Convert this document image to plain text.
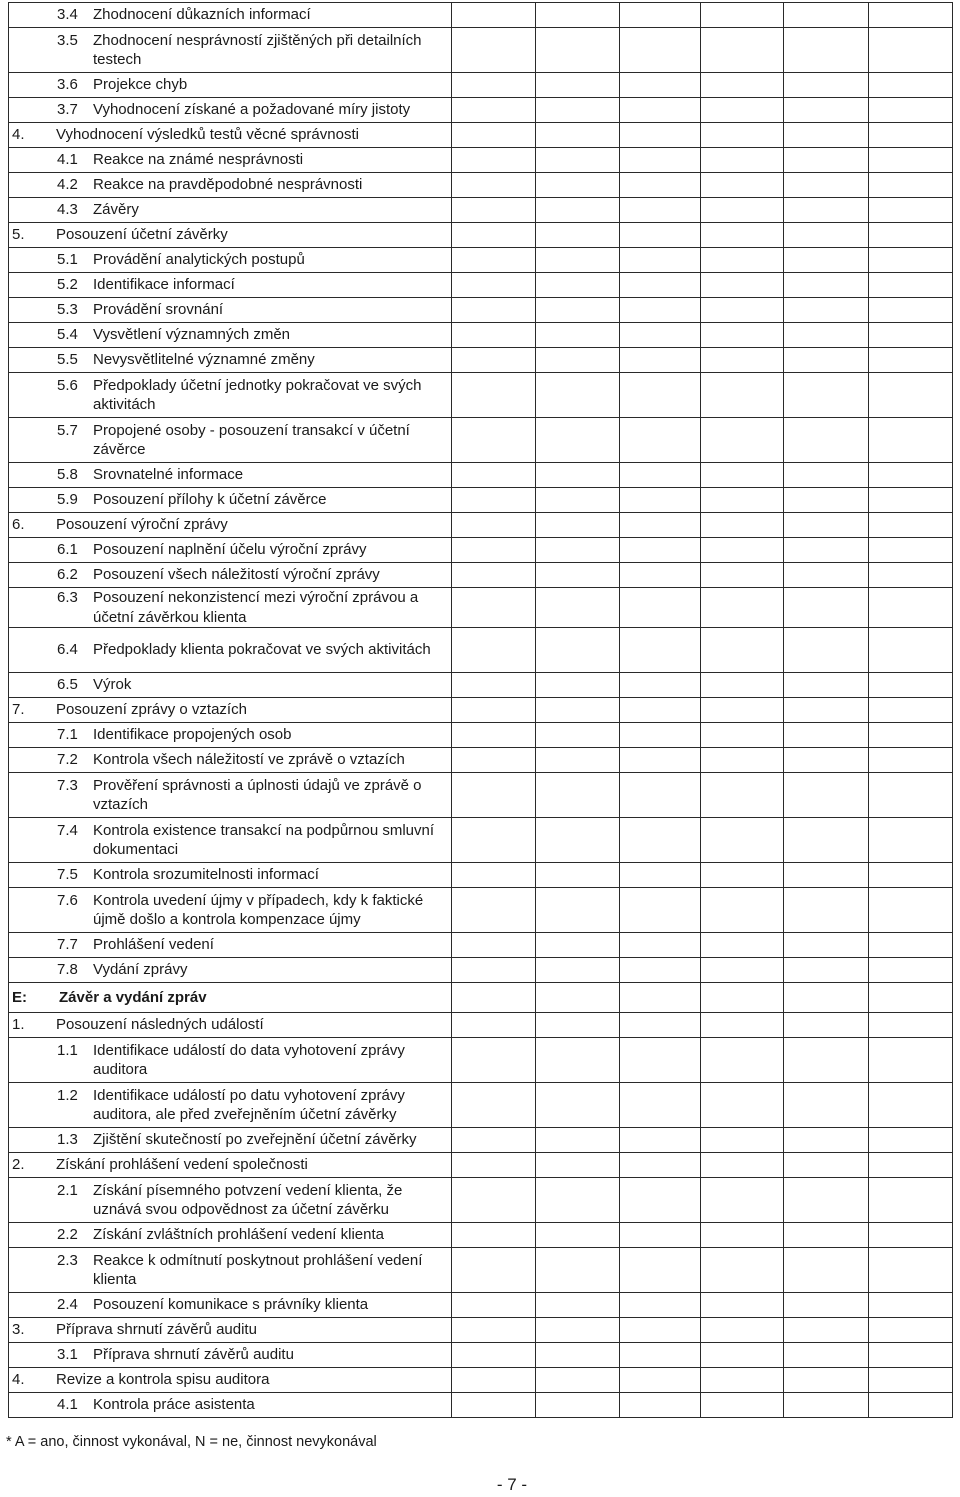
3.4 Zhodnocení důkazních informací						

3.5 Zhodnocení nesprávností zjištěných při detailních testech						

3.6 Projekce chyb						

3.7 Vyhodnocení získané a požadované míry jistoty						

4. Vyhodnocení výsledků testů věcné správnosti						

4.1 Reakce na známé nesprávnosti						

4.2 Reakce na pravděpodobné nesprávnosti						

4.3 Závěry						

5. Posouzení účetní závěrky						

5.1 Provádění analytických postupů						

5.2 Identifikace informací						

5.3 Provádění srovnání						

5.4 Vysvětlení významných změn						

5.5 Nevysvětlitelné významné změny						

5.6 Předpoklady účetní jednotky pokračovat ve svých aktivitách						

5.7 Propojené osoby - posouzení transakcí v účetní závěrce						

5.8 Srovnatelné informace						

5.9 Posouzení přílohy k účetní závěrce						

6. Posouzení výroční zprávy						

6.1 Posouzení naplnění účelu výroční zprávy						

6.2 Posouzení všech náležitostí výroční zprávy						

6.3 Posouzení nekonzistencí mezi výroční zprávou a účetní závěrkou klienta						

6.4 Předpoklady klienta pokračovat ve svých aktivitách						

6.5 Výrok						

7. Posouzení zprávy o vztazích						

7.1 Identifikace propojených osob						

7.2 Kontrola všech náležitostí ve zprávě o vztazích						

7.3 Prověření správnosti a úplnosti údajů ve zprávě o vztazích						

7.4 Kontrola existence transakcí na podpůrnou smluvní dokumentaci						

7.5 Kontrola srozumitelnosti informací						

7.6 Kontrola uvedení újmy v případech, kdy k faktické újmě došlo a kontrola kompenzace újmy						

7.7 Prohlášení vedení						

7.8 Vydání zprávy						

E: Závěr a vydání zpráv						

1. Posouzení následných událostí						

1.1 Identifikace událostí do data vyhotovení zprávy auditora						

1.2 Identifikace událostí po datu vyhotovení zprávy auditora, ale před zveřejněním účetní závěrky						

1.3 Zjištění skutečností po zveřejnění účetní závěrky						

2. Získání prohlášení vedení společnosti						

2.1 Získání písemného potvzení vedení klienta, že uznává svou odpovědnost za účetní závěrku						

2.2 Získání zvláštních prohlášení vedení klienta						

2.3 Reakce k odmítnutí poskytnout prohlášení vedení klienta						

2.4 Posouzení komunikace s právníky klienta						

3. Příprava shrnutí závěrů auditu						

3.1 Příprava shrnutí závěrů auditu						

4. Revize a kontrola spisu auditora						

4.1 Kontrola práce asistenta						

* A = ano, činnost vykonával, N = ne, činnost nevykonával
- 7 -
